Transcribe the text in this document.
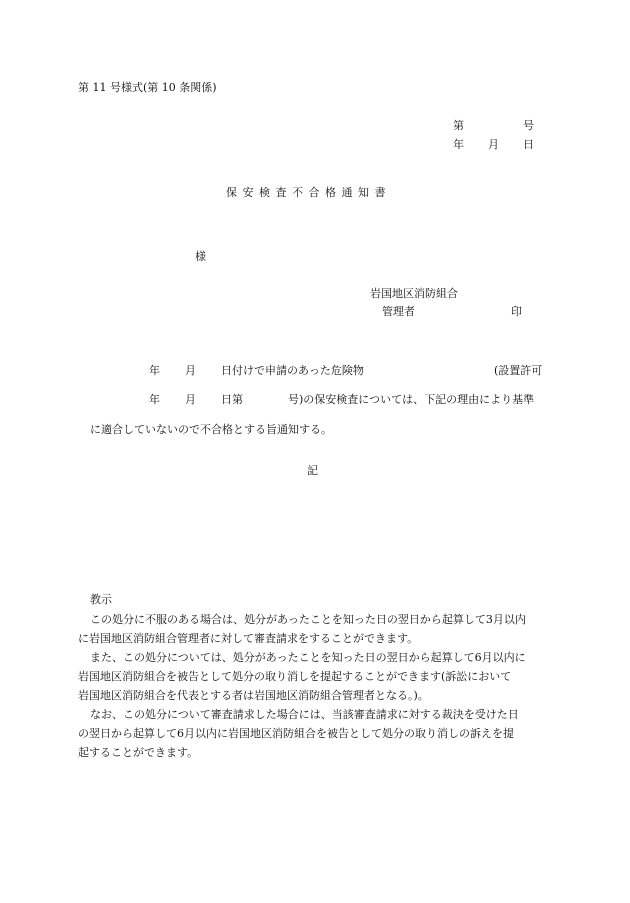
第 11 号様式(第 10 条関係)
第	号
年 月 日
保安検査不合格通知書
様
岩国地区消防組合
管理者	印
年 月 日付けで申請のあった危険物	(設置許可
年 月 日第	号)の保安検査については、下記の理由により基準
に適合していないので不合格とする旨通知する。
記
教示
この処分に不服のある場合は、処分があったことを知った日の翌日から起算して3月以内
に岩国地区消防組合管理者に対して審査請求をすることができます。
また、この処分については、処分があったことを知った日の翌日から起算して6月以内に
岩国地区消防組合を被告として処分の取り消しを提起することができます(訴訟において
岩国地区消防組合を代表とする者は岩国地区消防組合管理者となる。)。
なお、この処分について審査請求した場合には、当該審査請求に対する裁決を受けた日
の翌日から起算して6月以内に岩国地区消防組合を被告として処分の取り消しの訴えを提
起することができます。
